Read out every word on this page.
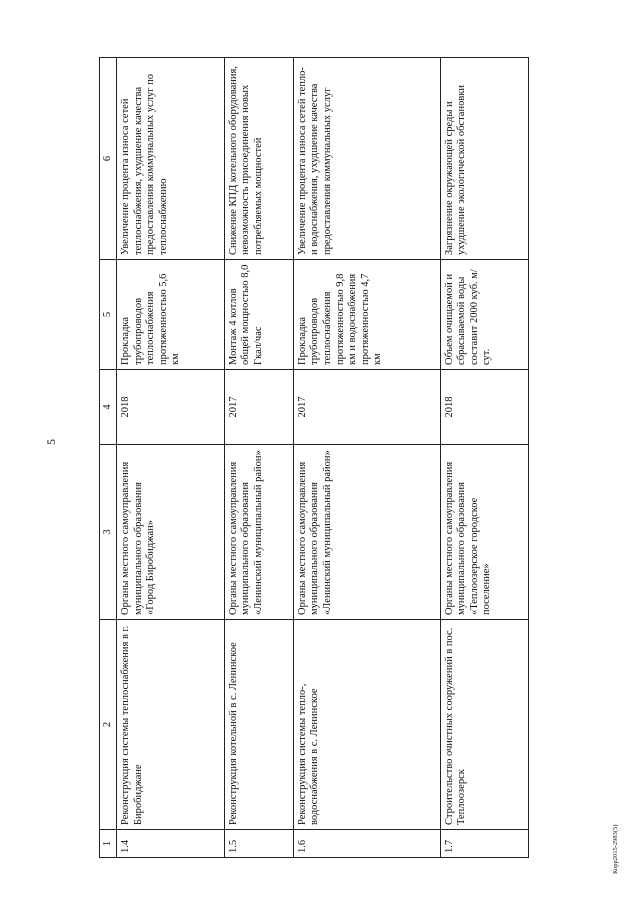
5
Корр2015-2983(5)
1	2	3	4	5	6
1.4	Реконструкция системы теплоснабжения в г. Биробиджане	Органы местного самоуправления муниципального образования «Город Биробиджан»	2018	Прокладка трубопроводов теплоснабжения протяженностью 5,6 км	Увеличение процента износа сетей теплоснабжения, ухудшение качества предоставления коммунальных услуг по теплоснабжению
1.5	Реконструкция котельной в с. Ленинское	Органы местного самоуправления муниципального образования «Ленинский муниципальный район»	2017	Монтаж 4 котлов общей мощностью 8,0 Гкал/час	Снижение КПД котельного оборудования, невозможность присоединения новых потребляемых мощностей
1.6	Реконструкция системы тепло-, водоснабжения в с. Ленинское	Органы местного самоуправления муниципального образования «Ленинский муниципальный район»	2017	Прокладка трубопроводов теплоснабжения протяженностью 9,8 км и водоснабжения протяженностью 4,7 км	Увеличение процента износа сетей тепло- и водоснабжения, ухудшение качества предоставления коммунальных услуг
1.7	Строительство очистных сооружений в пос. Теплоозерск	Органы местного самоуправления муниципального образования «Теплоозерское городское поселение»	2018	Объем очищаемой и сбрасываемой воды составит 2000 куб. м/сут.	Загрязнение окружающей среды и ухудшение экологической обстановки
